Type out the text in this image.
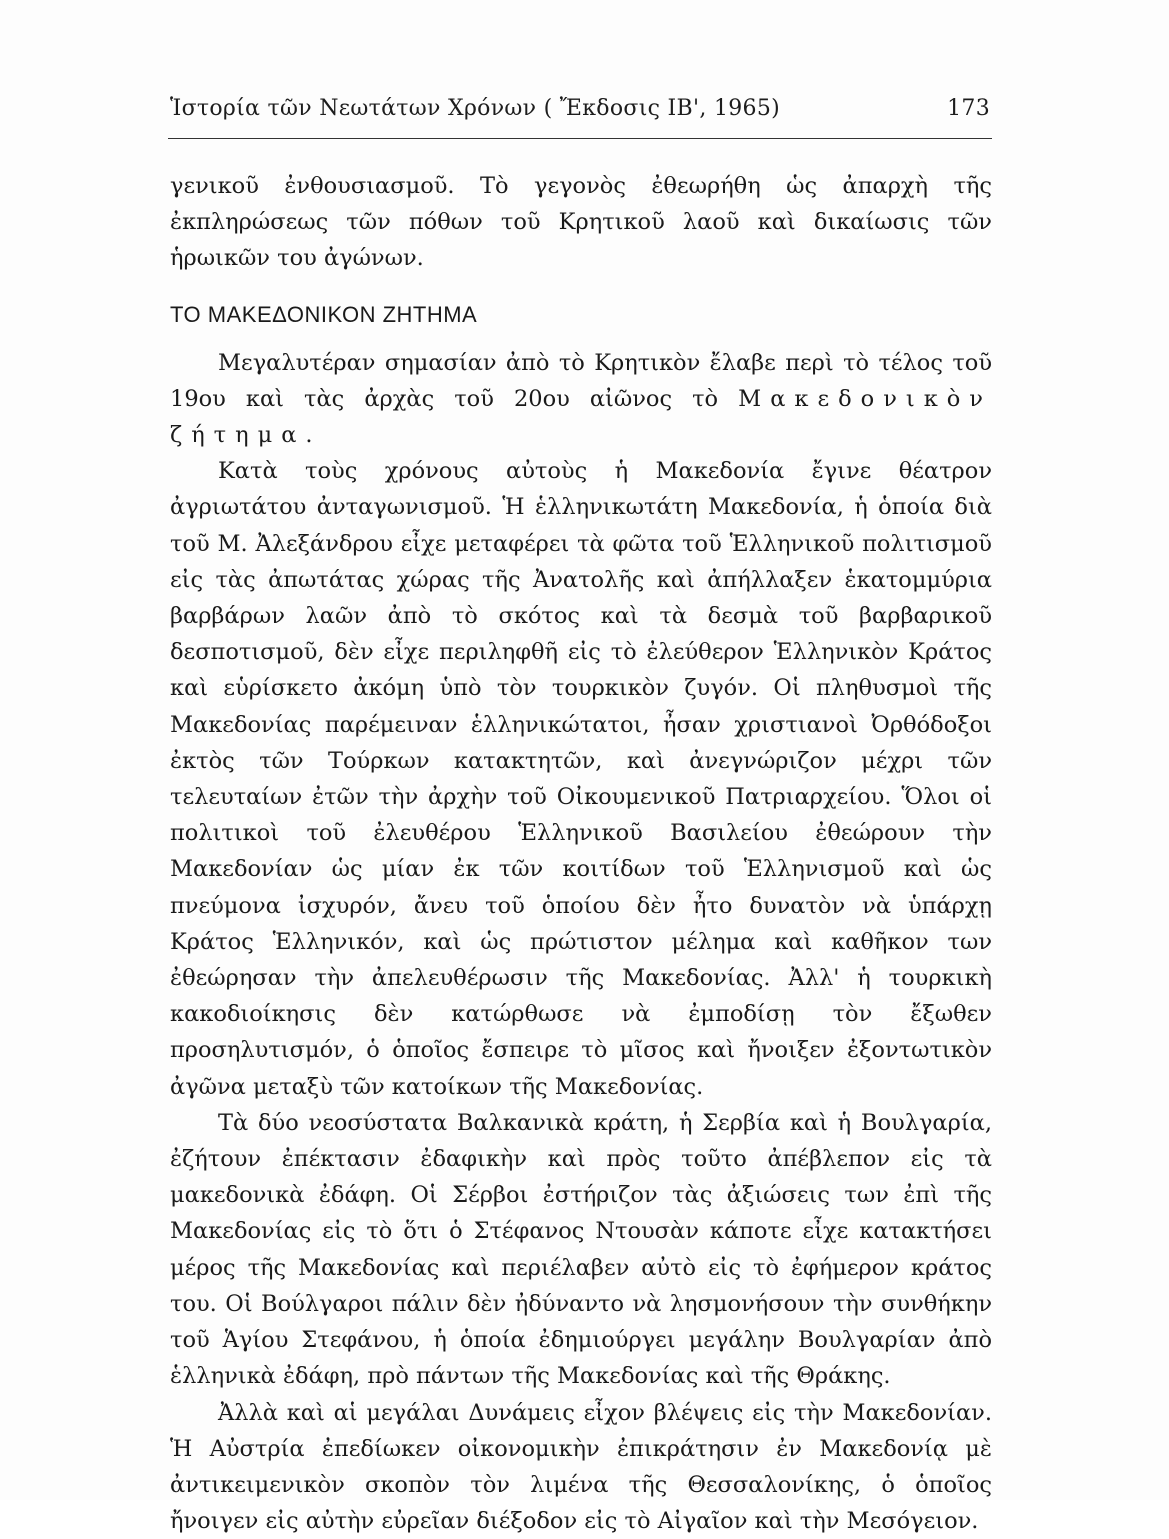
Ἱστορία τῶν Νεωτάτων Χρόνων ( Ἔκδοσις ΙΒ', 1965)	173

γενικοῦ ἐνθουσιασμοῦ. Τὸ γεγονὸς ἐθεωρήθη ὡς ἀπαρχὴ τῆς ἐκπληρώσεως τῶν πόθων τοῦ Κρητικοῦ λαοῦ καὶ δικαίωσις τῶν ἡρωικῶν του ἀγώνων.

ΤΟ ΜΑΚΕΔΟΝΙΚΟΝ ΖΗΤΗΜΑ

Μεγαλυτέραν σημασίαν ἀπὸ τὸ Κρητικὸν ἔλαβε περὶ τὸ τέλος τοῦ 19ου καὶ τὰς ἀρχὰς τοῦ 20ου αἰῶνος τὸ Μακεδονικὸν ζήτημα.

Κατὰ τοὺς χρόνους αὐτοὺς ἡ Μακεδονία ἔγινε θέατρον ἀγριωτάτου ἀνταγωνισμοῦ. Ἡ ἑλληνικωτάτη Μακεδονία, ἡ ὁποία διὰ τοῦ Μ. Ἀλεξάνδρου εἶχε μεταφέρει τὰ φῶτα τοῦ Ἑλληνικοῦ πολιτισμοῦ εἰς τὰς ἀπωτάτας χώρας τῆς Ἀνατολῆς καὶ ἀπήλλαξεν ἑκατομμύρια βαρβάρων λαῶν ἀπὸ τὸ σκότος καὶ τὰ δεσμὰ τοῦ βαρβαρικοῦ δεσποτισμοῦ, δὲν εἶχε περιληφθῆ εἰς τὸ ἐλεύθερον Ἑλληνικὸν Κράτος καὶ εὑρίσκετο ἀκόμη ὑπὸ τὸν τουρκικὸν ζυγόν. Οἱ πληθυσμοὶ τῆς Μακεδονίας παρέμειναν ἑλληνικώτατοι, ἦσαν χριστιανοὶ Ὀρθόδοξοι ἐκτὸς τῶν Τούρκων κατακτητῶν, καὶ ἀνεγνώριζον μέχρι τῶν τελευταίων ἐτῶν τὴν ἀρχὴν τοῦ Οἰκουμενικοῦ Πατριαρχείου. Ὅλοι οἱ πολιτικοὶ τοῦ ἐλευθέρου Ἑλληνικοῦ Βασιλείου ἐθεώρουν τὴν Μακεδονίαν ὡς μίαν ἐκ τῶν κοιτίδων τοῦ Ἑλληνισμοῦ καὶ ὡς πνεύμονα ἰσχυρόν, ἄνευ τοῦ ὁποίου δὲν ἦτο δυνατὸν νὰ ὑπάρχῃ Κράτος Ἑλληνικόν, καὶ ὡς πρώτιστον μέλημα καὶ καθῆκον των ἐθεώρησαν τὴν ἀπελευθέρωσιν τῆς Μακεδονίας. Ἀλλ' ἡ τουρκικὴ κακοδιοίκησις δὲν κατώρθωσε νὰ ἐμποδίσῃ τὸν ἔξωθεν προσηλυτισμόν, ὁ ὁποῖος ἔσπειρε τὸ μῖσος καὶ ἤνοιξεν ἐξοντωτικὸν ἀγῶνα μεταξὺ τῶν κατοίκων τῆς Μακεδονίας.

Τὰ δύο νεοσύστατα Βαλκανικὰ κράτη, ἡ Σερβία καὶ ἡ Βουλγαρία, ἐζήτουν ἐπέκτασιν ἐδαφικὴν καὶ πρὸς τοῦτο ἀπέβλεπον εἰς τὰ μακεδονικὰ ἐδάφη. Οἱ Σέρβοι ἐστήριζον τὰς ἀξιώσεις των ἐπὶ τῆς Μακεδονίας εἰς τὸ ὅτι ὁ Στέφανος Ντουσὰν κάποτε εἶχε κατακτήσει μέρος τῆς Μακεδονίας καὶ περιέλαβεν αὐτὸ εἰς τὸ ἐφήμερον κράτος του. Οἱ Βούλγαροι πάλιν δὲν ἠδύναντο νὰ λησμονήσουν τὴν συνθήκην τοῦ Ἁγίου Στεφάνου, ἡ ὁποία ἐδημιούργει μεγάλην Βουλγαρίαν ἀπὸ ἑλληνικὰ ἐδάφη, πρὸ πάντων τῆς Μακεδονίας καὶ τῆς Θράκης.

Ἀλλὰ καὶ αἱ μεγάλαι Δυνάμεις εἶχον βλέψεις εἰς τὴν Μακεδονίαν. Ἡ Αὐστρία ἐπεδίωκεν οἰκονομικὴν ἐπικράτησιν ἐν Μακεδονίᾳ μὲ ἀντικειμενικὸν σκοπὸν τὸν λιμένα τῆς Θεσσαλονίκης, ὁ ὁποῖος ἤνοιγεν εἰς αὐτὴν εὐρεῖαν διέξοδον εἰς τὸ Αἰγαῖον καὶ τὴν Μεσόγειον.
